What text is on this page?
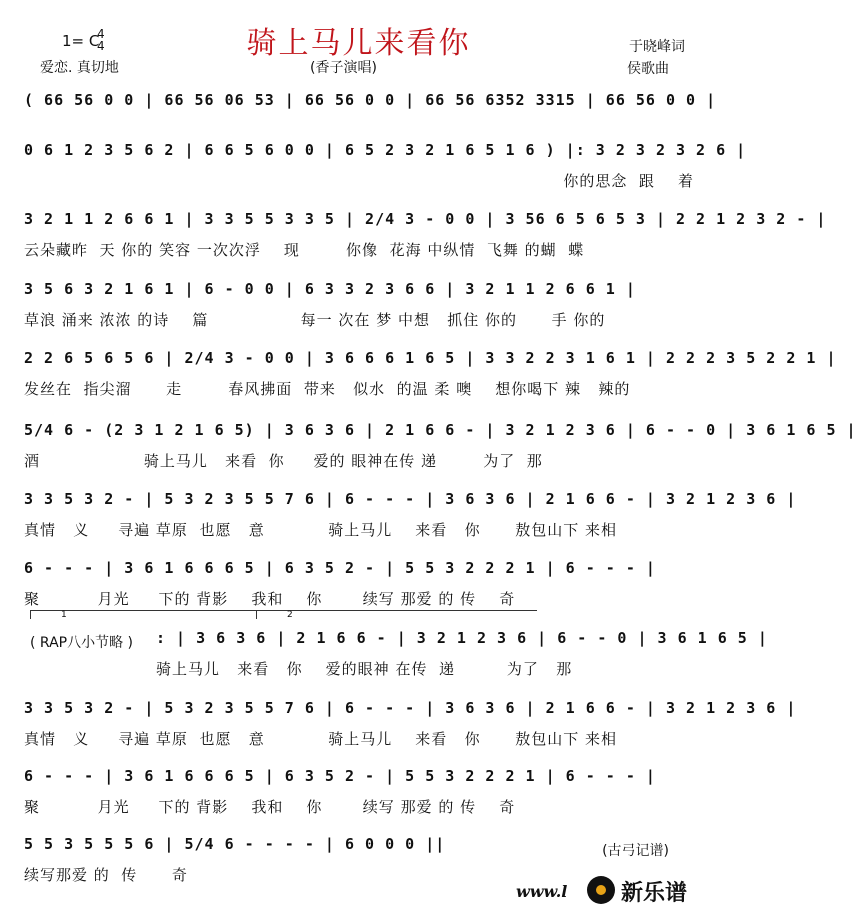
骑上马儿来看你
1= C
4
4
爱恋. 真切地	(香子演唱)
于晓峰词
侯歌曲
( 66 56 0 0 | 66 56 06 53 | 66 56 0 0 | 66 56 6352 3315 | 66 56 0 0 |
0 6 1 2 3 5 6 2 | 6 6 5 6 0 0 | 6 5 2 3 2 1 6 5 1 6 ) |: 3 2 3 2 3 2 6 |
你的思念  跟    着
3 2 1 1 2 6 6 1 | 3 3 5 5 3 3 5 | 2/4 3 - 0 0 | 3 56 6 5 6 5 3 | 2 2 1 2 3 2 - |
云朵藏昨  天 你的 笑容 一次次浮    现        你像  花海 中纵情  飞舞 的蝴  蝶
3 5 6 3 2 1 6 1 | 6 - 0 0 | 6 3 3 2 3 6 6 | 3 2 1 1 2 6 6 1 |
草浪 涌来 浓浓 的诗    篇                每一 次在 梦 中想   抓住 你的      手 你的
2 2 6 5 6 5 6 | 2/4 3 - 0 0 | 3 6 6 6 1 6 5 | 3 3 2 2 3 1 6 1 | 2 2 2 3 5 2 2 1 |
发丝在  指尖溜      走        春风拂面  带来   似水  的温 柔 噢    想你喝下 辣   辣的
5/4 6 - (2 3 1 2 1 6 5) | 3 6 3 6 | 2 1 6 6 - | 3 2 1 2 3 6 | 6 - - 0 | 3 6 1 6 5 |
酒                  骑上马儿   来看  你     爱的 眼神在传 递        为了  那
3 3 5 3 2 - | 5 3 2 3 5 5 7 6 | 6 - - - | 3 6 3 6 | 2 1 6 6 - | 3 2 1 2 3 6 |
真情   义     寻遍 草原  也愿   意           骑上马儿    来看   你      敖包山下 来相
6 - - - | 3 6 1 6 6 6 5 | 6 3 5 2 - | 5 5 3 2 2 2 1 | 6 - - - |
聚          月光     下的 背影    我和    你       续写 那爱 的 传    奇
1	2
( RAP八小节略 ) : | 3 6 3 6 | 2 1 6 6 - | 3 2 1 2 3 6 | 6 - - 0 | 3 6 1 6 5 |
骑上马儿   来看   你    爱的眼神 在传  递         为了   那
3 3 5 3 2 - | 5 3 2 3 5 5 7 6 | 6 - - - | 3 6 3 6 | 2 1 6 6 - | 3 2 1 2 3 6 |
真情   义     寻遍 草原  也愿   意           骑上马儿    来看   你      敖包山下 来相
6 - - - | 3 6 1 6 6 6 5 | 6 3 5 2 - | 5 5 3 2 2 2 1 | 6 - - - |
聚          月光     下的 背影    我和    你       续写 那爱 的 传    奇
5 5 3 5 5 5 6 | 5/4 6 - - - - | 6 0 0 0 ||
续写那爱 的  传      奇
(古弓记谱)
www.l 新乐谱
